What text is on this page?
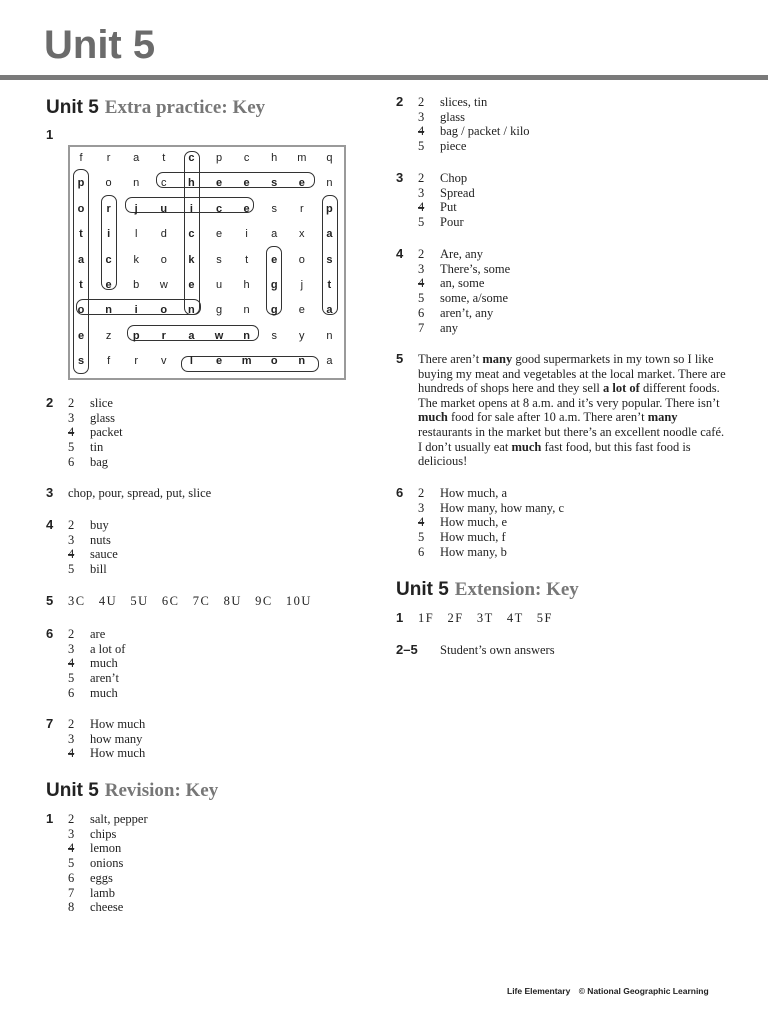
Unit 5
Unit 5 Extra practice: Key
1
f	r	a	t	c	p	c	h	m	q
p	o	n	c	h	e	e	s	e	n
o	r	j	u	i	c	e	s	r	p
t	i	l	d	c	e	i	a	x	a
a	c	k	o	k	s	t	e	o	s
t	e	b	w	e	u	h	g	j	t
o	n	i	o	n	g	n	g	e	a
e	z	p	r	a	w	n	s	y	n
s	f	r	v	l	e	m	o	n	a
2 2	slice
3	glass
4	packet
5	tin
6	bag
3 chop, pour, spread, put, slice
4 2	buy
3	nuts
4	sauce
5	bill
5 3C  4U  5U  6C  7C  8U  9C  10U
6 2	are
3	a lot of
4	much
5	aren’t
6	much
7 2	How much
3	how many
4	How much
Unit 5 Revision: Key
1 2	salt, pepper
3	chips
4	lemon
5	onions
6	eggs
7	lamb
8	cheese
2 2	slices, tin
3	glass
4	bag / packet / kilo
5	piece
3 2	Chop
3	Spread
4	Put
5	Pour
4 2	Are, any
3	There’s, some
4	an, some
5	some, a/some
6	aren’t, any
7	any
5 There aren’t many good supermarkets in my town so I like buying my meat and vegetables at the local market. There are hundreds of shops here and they sell a lot of different foods. The market opens at 8 a.m. and it’s very popular. There isn’t much food for sale after 10 a.m. There aren’t many restaurants in the market but there’s an excellent noodle café. I don’t usually eat much fast food, but this fast food is delicious!
6 2	How much, a
3	How many, how many, c
4	How much, e
5	How much, f
6	How many, b
Unit 5 Extension: Key
1 1F  2F  3T  4T  5F
2–5 Student’s own answers
Life Elementary © National Geographic Learning
